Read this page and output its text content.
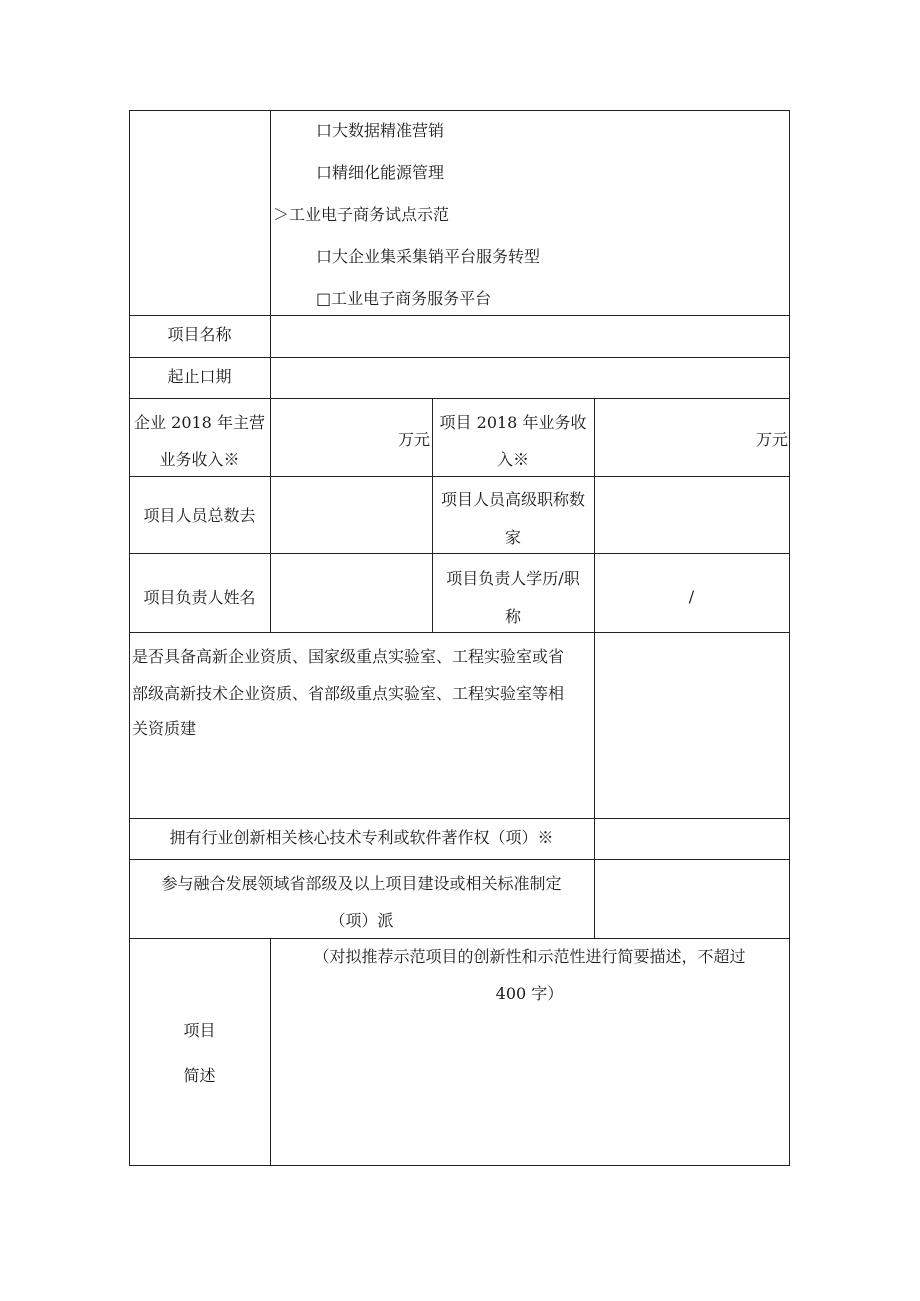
口大数据精准营销
口精细化能源管理
＞工业电子商务试点示范
口大企业集采集销平台服务转型
□工业电子商务服务平台
项目名称
起止口期
企业 2018 年主营
业务收入※
万元
项目 2018 年业务收
入※
万元
项目人员总数去
项目人员高级职称数
家
项目负责人姓名
项目负责人学历/职
称
/
是否具备高新企业资质、国家级重点实验室、工程实验室或省
部级高新技术企业资质、省部级重点实验室、工程实验室等相
关资质建
拥有行业创新相关核心技术专利或软件著作权（项）※
参与融合发展领域省部级及以上项目建设或相关标准制定
（项）派
项目
简述
（对拟推荐示范项目的创新性和示范性进行简要描述，不超过
400 字）
